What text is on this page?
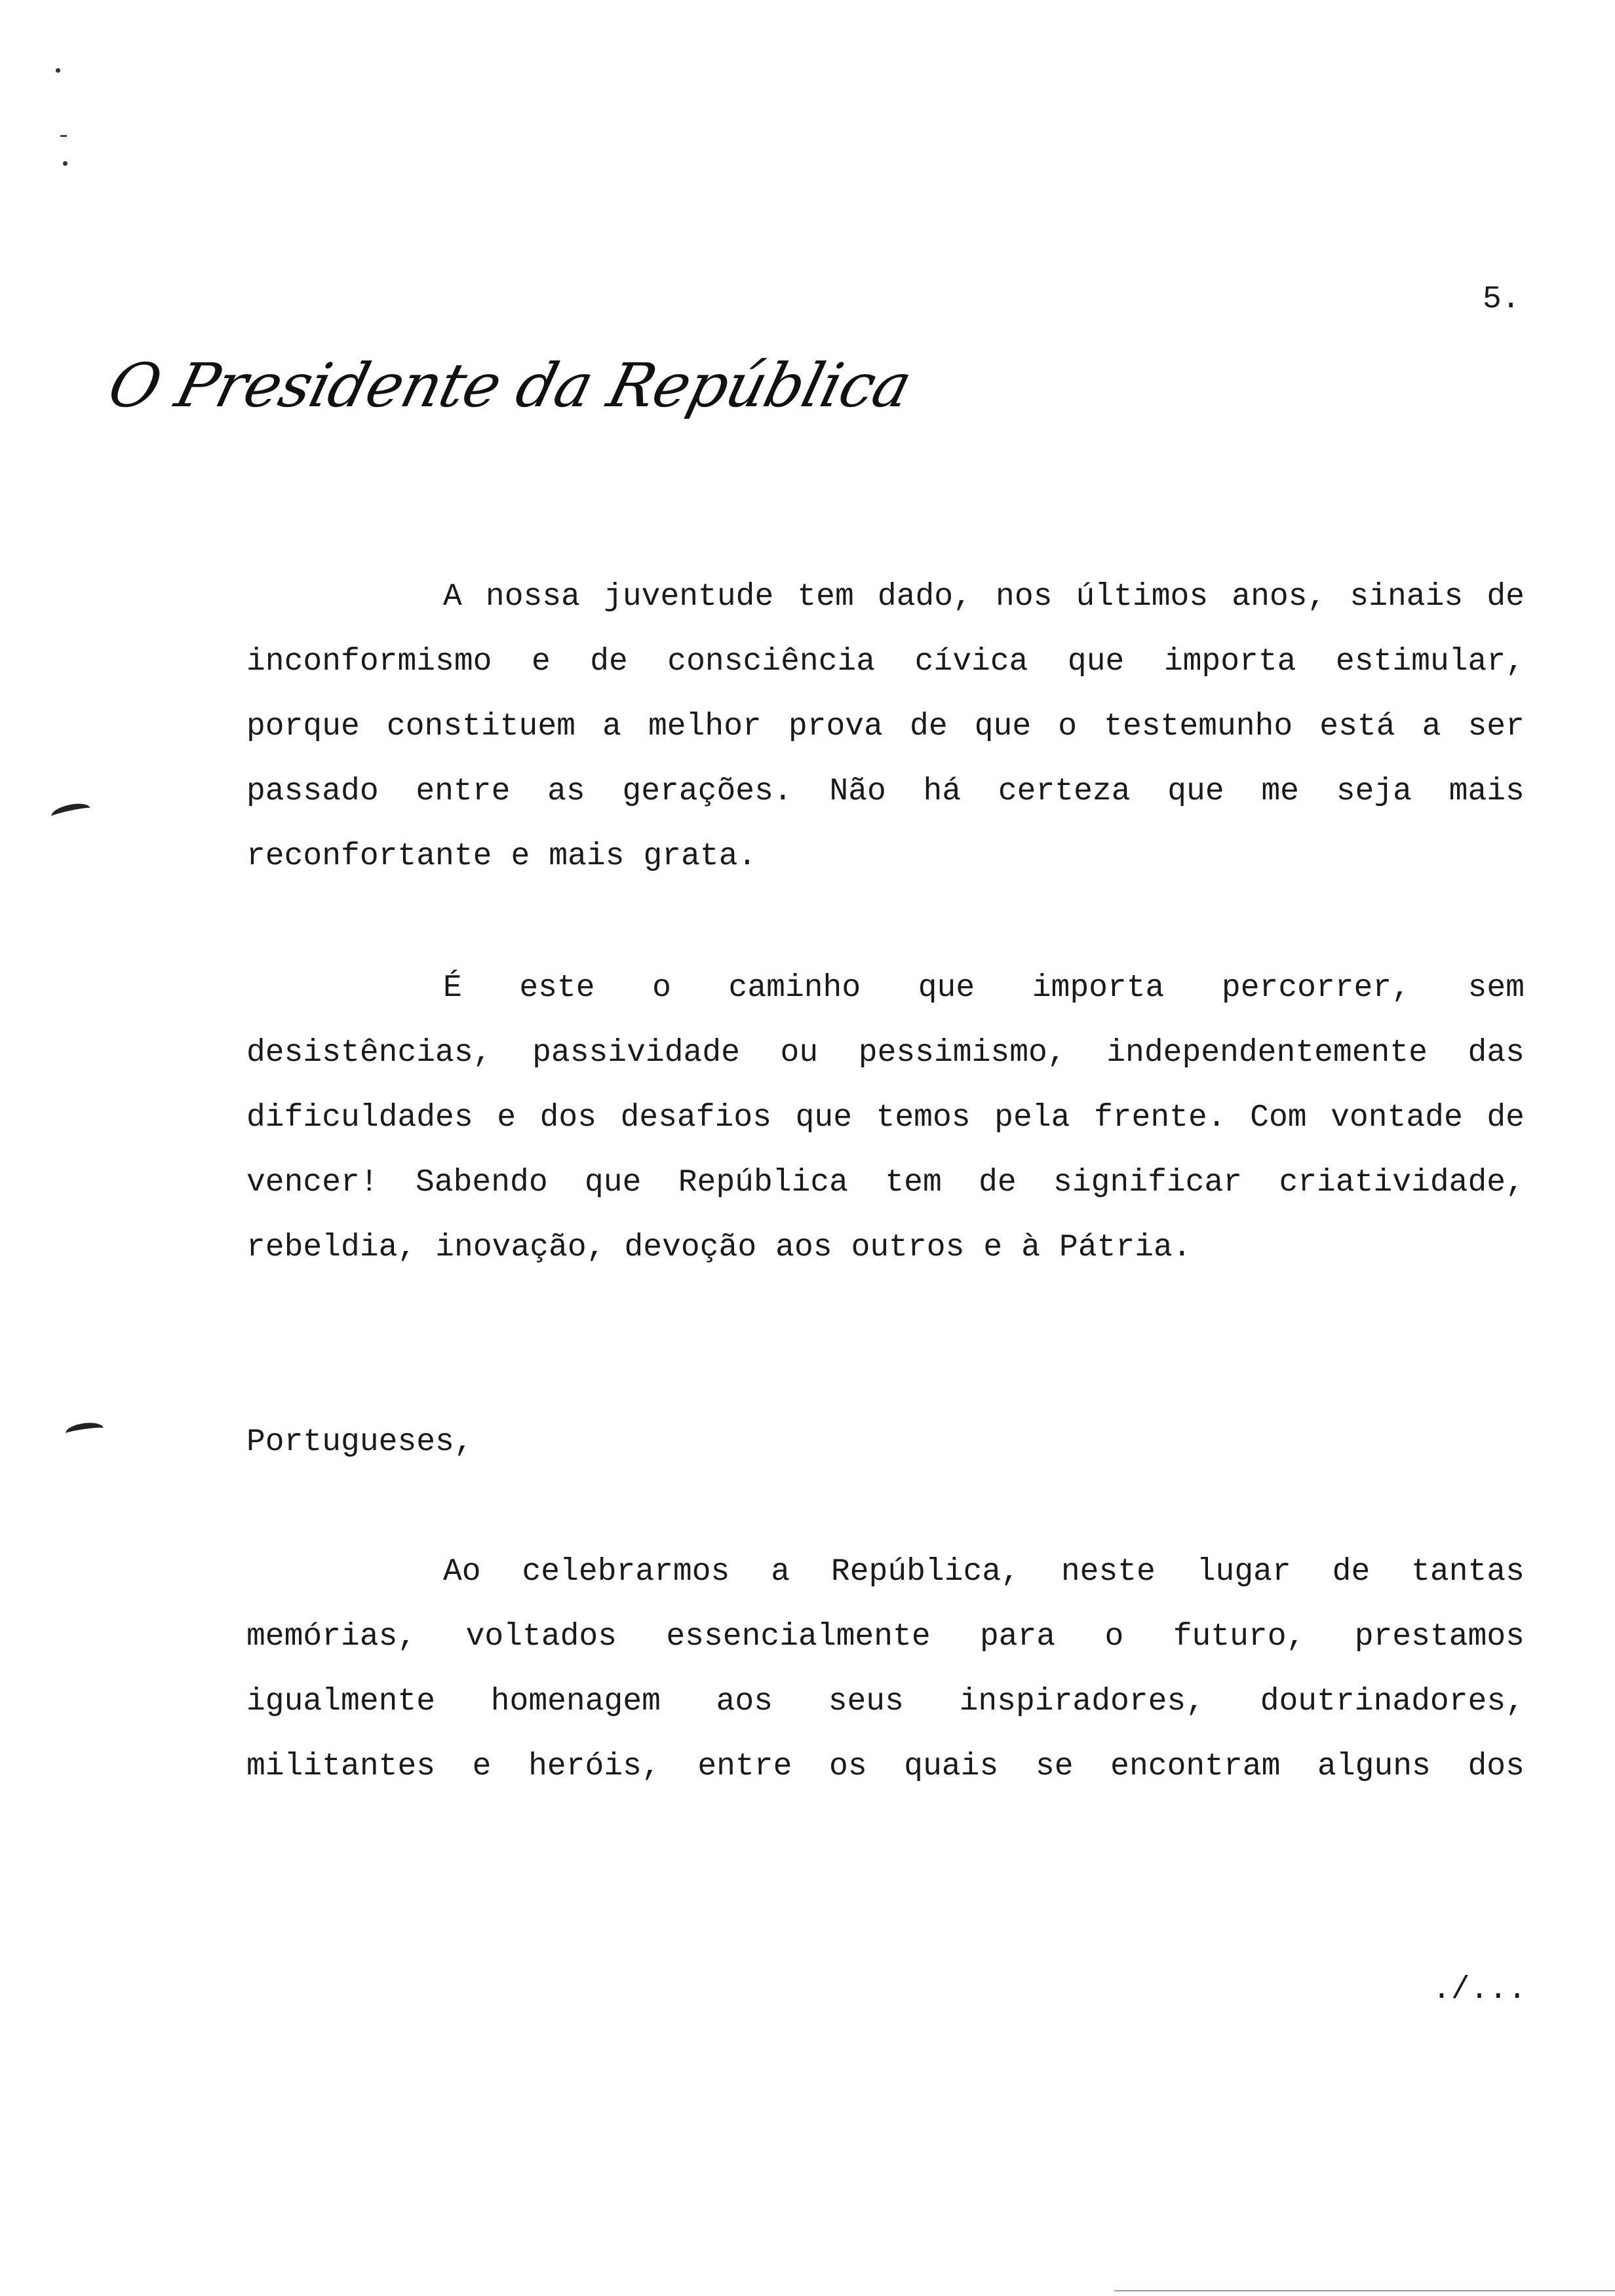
5.
O Presidente da República
A nossa juventude tem dado, nos últimos anos, sinais de
inconformismo e de consciência cívica que importa estimular,
porque constituem a melhor prova de que o testemunho está a ser
passado entre as gerações. Não há certeza que me seja mais
reconfortante e mais grata.
É este o caminho que importa percorrer, sem
desistências, passividade ou pessimismo, independentemente das
dificuldades e dos desafios que temos pela frente. Com vontade de
vencer! Sabendo que República tem de significar criatividade,
rebeldia, inovação, devoção aos outros e à Pátria.
Portugueses,
Ao celebrarmos a República, neste lugar de tantas
memórias, voltados essencialmente para o futuro, prestamos
igualmente homenagem aos seus inspiradores, doutrinadores,
militantes e heróis, entre os quais se encontram alguns dos
./...
